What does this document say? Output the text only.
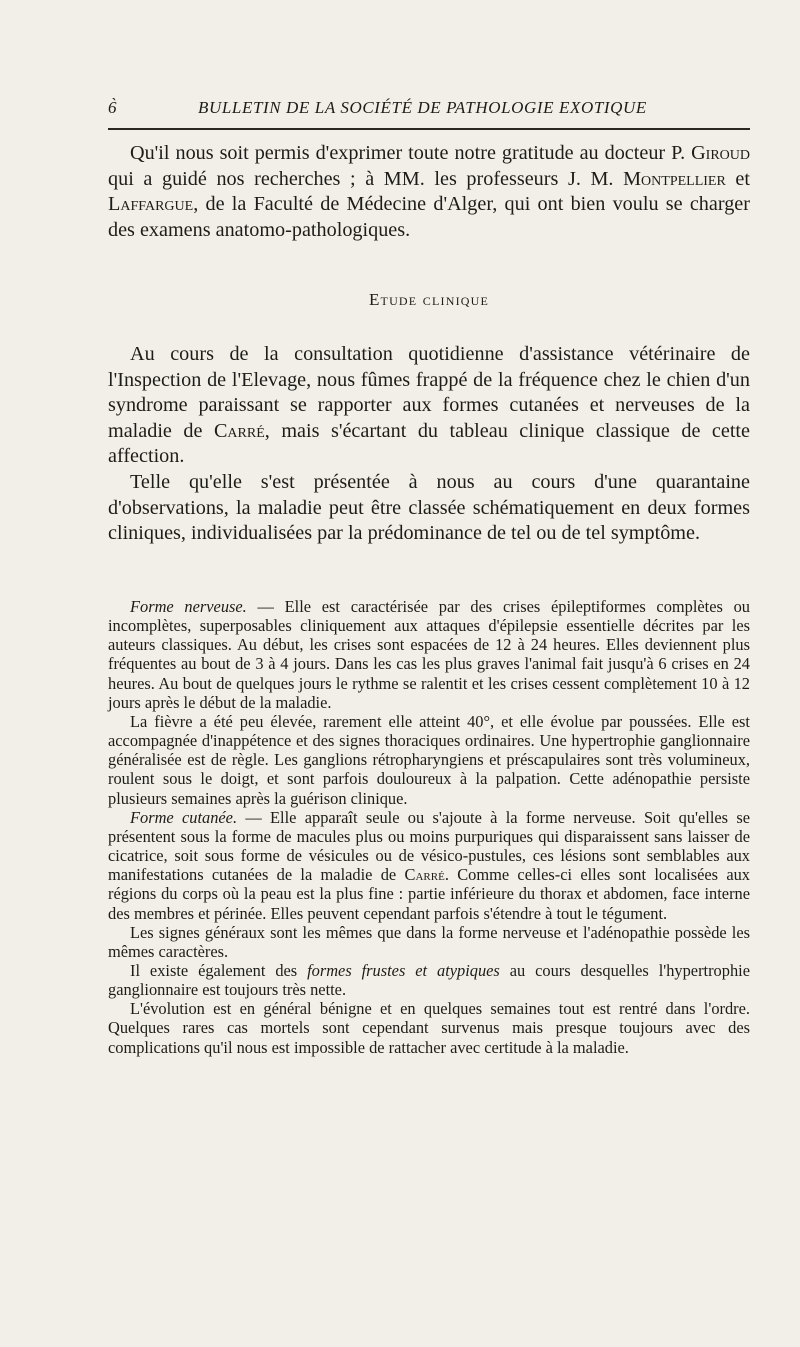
6̀	BULLETIN DE LA SOCIÉTÉ DE PATHOLOGIE EXOTIQUE

Qu'il nous soit permis d'exprimer toute notre gratitude au docteur P. Giroud qui a guidé nos recherches ; à MM. les professeurs J. M. Montpellier et Laffargue, de la Faculté de Médecine d'Alger, qui ont bien voulu se charger des examens anatomo-pathologiques.

Etude clinique

Au cours de la consultation quotidienne d'assistance vétérinaire de l'Inspection de l'Elevage, nous fûmes frappé de la fréquence chez le chien d'un syndrome paraissant se rapporter aux formes cutanées et nerveuses de la maladie de Carré, mais s'écartant du tableau clinique classique de cette affection.

Telle qu'elle s'est présentée à nous au cours d'une quarantaine d'observations, la maladie peut être classée schématiquement en deux formes cliniques, individualisées par la prédominance de tel ou de tel symptôme.

Forme nerveuse. — Elle est caractérisée par des crises épileptiformes complètes ou incomplètes, superposables cliniquement aux attaques d'épilepsie essentielle décrites par les auteurs classiques. Au début, les crises sont espacées de 12 à 24 heures. Elles deviennent plus fréquentes au bout de 3 à 4 jours. Dans les cas les plus graves l'animal fait jusqu'à 6 crises en 24 heures. Au bout de quelques jours le rythme se ralentit et les crises cessent complètement 10 à 12 jours après le début de la maladie.

La fièvre a été peu élevée, rarement elle atteint 40°, et elle évolue par poussées. Elle est accompagnée d'inappétence et des signes thoraciques ordinaires. Une hypertrophie ganglionnaire généralisée est de règle. Les ganglions rétropharyngiens et préscapulaires sont très volumineux, roulent sous le doigt, et sont parfois douloureux à la palpation. Cette adénopathie persiste plusieurs semaines après la guérison clinique.

Forme cutanée. — Elle apparaît seule ou s'ajoute à la forme nerveuse. Soit qu'elles se présentent sous la forme de macules plus ou moins purpuriques qui disparaissent sans laisser de cicatrice, soit sous forme de vésicules ou de vésico-pustules, ces lésions sont semblables aux manifestations cutanées de la maladie de Carré. Comme celles-ci elles sont localisées aux régions du corps où la peau est la plus fine : partie inférieure du thorax et abdomen, face interne des membres et périnée. Elles peuvent cependant parfois s'étendre à tout le tégument.

Les signes généraux sont les mêmes que dans la forme nerveuse et l'adénopathie possède les mêmes caractères.

Il existe également des formes frustes et atypiques au cours desquelles l'hypertrophie ganglionnaire est toujours très nette.

L'évolution est en général bénigne et en quelques semaines tout est rentré dans l'ordre. Quelques rares cas mortels sont cependant survenus mais presque toujours avec des complications qu'il nous est impossible de rattacher avec certitude à la maladie.
